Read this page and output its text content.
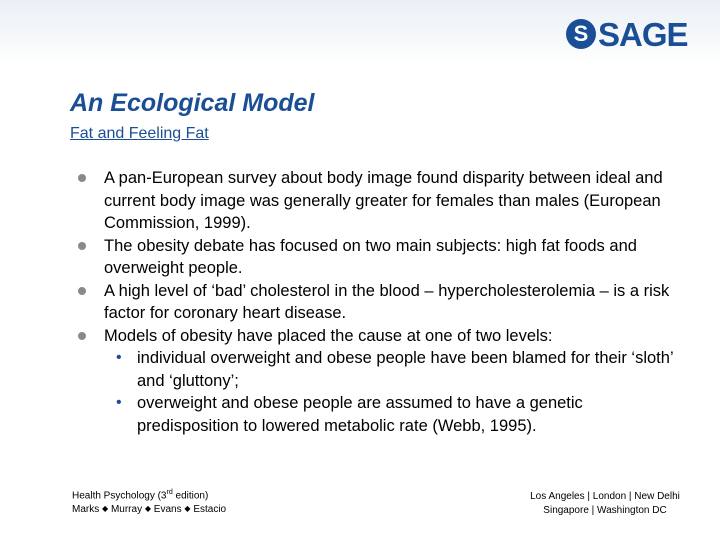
S SAGE
An Ecological Model
Fat and Feeling Fat
A pan-European survey about body image found disparity between ideal and current body image was generally greater for females than males (European Commission, 1999).
The obesity debate has focused on two main subjects: high fat foods and overweight people.
A high level of ‘bad’ cholesterol in the blood – hypercholesterolemia – is a risk factor for coronary heart disease.
Models of obesity have placed the cause at one of two levels:
• individual overweight and obese people have been blamed for their ‘sloth’ and ‘gluttony’;
• overweight and obese people are assumed to have a genetic predisposition to lowered metabolic rate (Webb, 1995).
Health Psychology (3rd edition)
Marks ◆ Murray ◆ Evans ◆ Estacio
Los Angeles | London | New Delhi
Singapore | Washington DC
